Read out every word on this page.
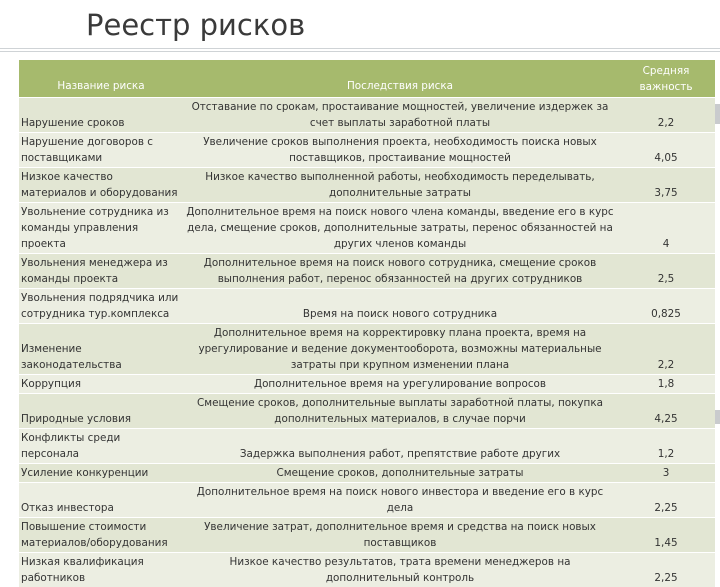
Реестр рисков
Название риска	Последствия риска	Средняя важность
Нарушение сроков	Отставание по срокам, простаивание мощностей, увеличение издержек за счет выплаты заработной платы	2,2
Нарушение договоров с поставщиками	Увеличение сроков выполнения проекта, необходимость поиска новых поставщиков, простаивание мощностей	4,05
Низкое качество материалов и оборудования	Низкое качество выполненной работы, необходимость переделывать, дополнительные затраты	3,75
Увольнение сотрудника из команды управления проекта	Дополнительное время на поиск нового члена команды, введение его в курс дела, смещение сроков, дополнительные затраты, перенос обязанностей на других членов команды	4
Увольнения менеджера из команды проекта	Дополнительное время на поиск нового сотрудника, смещение сроков выполнения работ, перенос обязанностей на других сотрудников	2,5
Увольнения подрядчика или сотрудника тур.комплекса	Время на поиск нового сотрудника	0,825
Изменение законодательства	Дополнительное время на корректировку плана проекта, время на урегулирование и ведение документооборота, возможны материальные затраты при крупном изменении плана	2,2
Коррупция	Дополнительное время на урегулирование вопросов	1,8
Природные условия	Смещение сроков, дополнительные выплаты заработной платы, покупка дополнительных материалов, в случае порчи	4,25
Конфликты среди персонала	Задержка выполнения работ, препятствие работе других	1,2
Усиление конкуренции	Смещение сроков, дополнительные затраты	3
Отказ инвестора	Дополнительное время на поиск нового инвестора и введение его в курс дела	2,25
Повышение стоимости материалов/оборудования	Увеличение затрат, дополнительное время и средства на поиск новых поставщиков	1,45
Низкая квалификация работников	Низкое качество результатов, трата времени менеджеров на дополнительный контроль	2,25
